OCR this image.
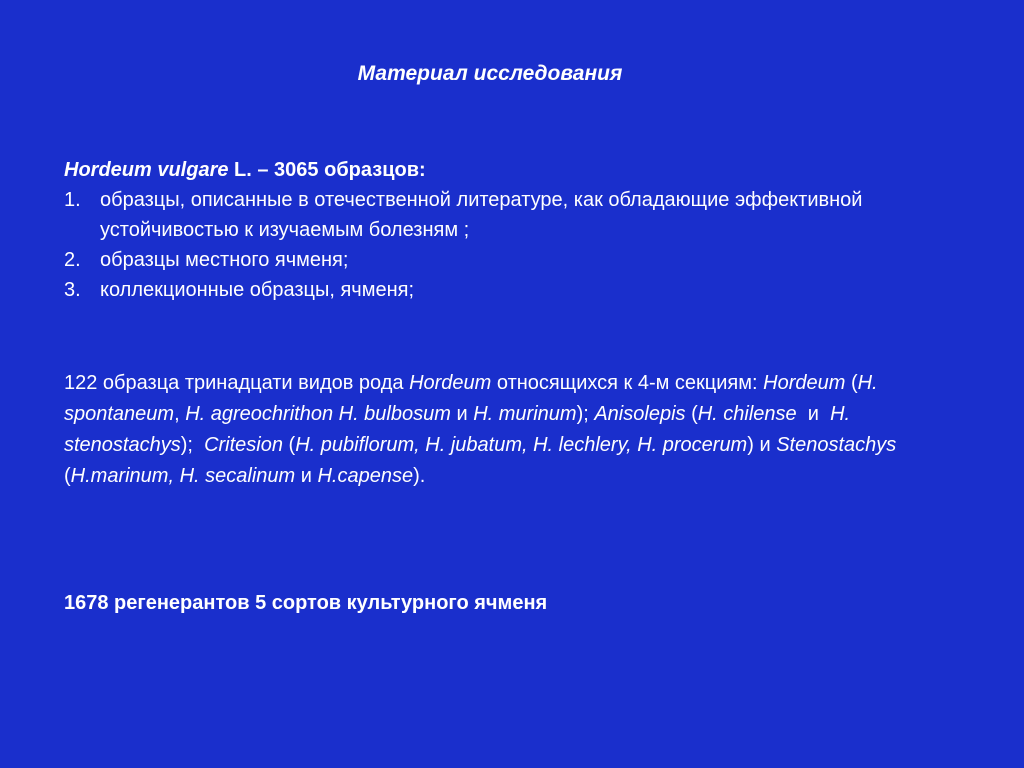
Материал исследования
Hordeum vulgare L. – 3065 образцов:
1. образцы, описанные в отечественной литературе, как обладающие эффективной устойчивостью к изучаемым болезням ;
2. образцы местного ячменя;
3. коллекционные образцы, ячменя;
122 образца тринадцати видов рода Hordeum относящихся к 4-м секциям: Hordeum (H. spontaneum, H. agreochrithon H. bulbosum и H. murinum); Anisolepis (H. chilense  и  H. stenostachys);  Critesion (H. pubiflorum, H. jubatum, H. lechlery, H. procerum) и Stenostachys (H.marinum, H. secalinum и H.capense).
1678 регенерантов 5 сортов культурного ячменя
